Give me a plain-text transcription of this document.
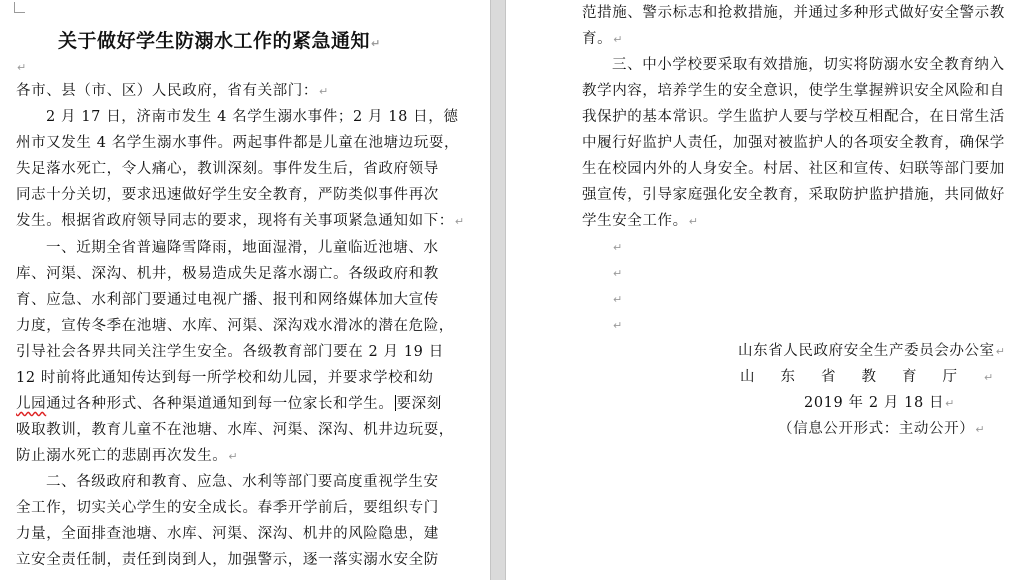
关于做好学生防溺水工作的紧急通知↵
↵
各市、县（市、区）人民政府，省有关部门：↵
2 月 17 日，济南市发生 4 名学生溺水事件；2 月 18 日，德
州市又发生 4 名学生溺水事件。两起事件都是儿童在池塘边玩耍，
失足落水死亡，令人痛心，教训深刻。事件发生后，省政府领导
同志十分关切，要求迅速做好学生安全教育，严防类似事件再次
发生。根据省政府领导同志的要求，现将有关事项紧急通知如下：↵
一、近期全省普遍降雪降雨，地面湿滑，儿童临近池塘、水
库、河渠、深沟、机井，极易造成失足落水溺亡。各级政府和教
育、应急、水利部门要通过电视广播、报刊和网络媒体加大宣传
力度，宣传冬季在池塘、水库、河渠、深沟戏水滑冰的潜在危险，
引导社会各界共同关注学生安全。各级教育部门要在 2 月 19 日
12 时前将此通知传达到每一所学校和幼儿园，并要求学校和幼
儿园通过各种形式、各种渠道通知到每一位家长和学生。 要深刻
吸取教训，教育儿童不在池塘、水库、河渠、深沟、机井边玩耍，
防止溺水死亡的悲剧再次发生。↵
二、各级政府和教育、应急、水利等部门要高度重视学生安
全工作，切实关心学生的安全成长。春季开学前后，要组织专门
力量，全面排查池塘、水库、河渠、深沟、机井的风险隐患，建
立安全责任制，责任到岗到人，加强警示，逐一落实溺水安全防
范措施、警示标志和抢救措施，并通过多种形式做好安全警示教
育。↵
三、中小学校要采取有效措施，切实将防溺水安全教育纳入
教学内容，培养学生的安全意识，使学生掌握辨识安全风险和自
我保护的基本常识。学生监护人要与学校互相配合，在日常生活
中履行好监护人责任，加强对被监护人的各项安全教育，确保学
生在校园内外的人身安全。村居、社区和宣传、妇联等部门要加
强宣传，引导家庭强化安全教育，采取防护监护措施，共同做好
学生安全工作。↵
↵
↵
↵
↵
山东省人民政府安全生产委员会办公室↵
山东省教育厅↵
2019 年 2 月 18 日↵
（信息公开形式：主动公开）↵
